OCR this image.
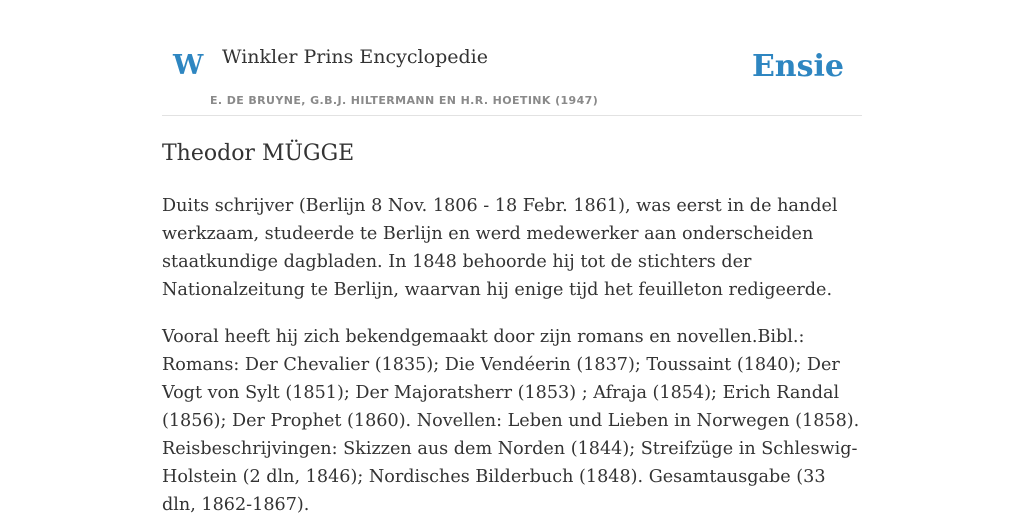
W Winkler Prins Encyclopedie
E. DE BRUYNE, G.B.J. HILTERMANN EN H.R. HOETINK (1947)
Ensie
Theodor MÜGGE

Duits schrijver (Berlijn 8 Nov. 1806 - 18 Febr. 1861), was eerst in de handel werkzaam, studeerde te Berlijn en werd medewerker aan onderscheiden staatkundige dagbladen. In 1848 behoorde hij tot de stichters der Nationalzeitung te Berlijn, waarvan hij enige tijd het feuilleton redigeerde.

Vooral heeft hij zich bekendgemaakt door zijn romans en novellen.Bibl.: Romans: Der Chevalier (1835); Die Vendéerin (1837); Toussaint (1840); Der Vogt von Sylt (1851); Der Majoratsherr (1853) ; Afraja (1854); Erich Randal (1856); Der Prophet (1860). Novellen: Leben und Lieben in Norwegen (1858). Reisbeschrijvingen: Skizzen aus dem Norden (1844); Streifzüge in Schleswig-Holstein (2 dln, 1846); Nordisches Bilderbuch (1848). Gesamtausgabe (33 dln, 1862-1867).
